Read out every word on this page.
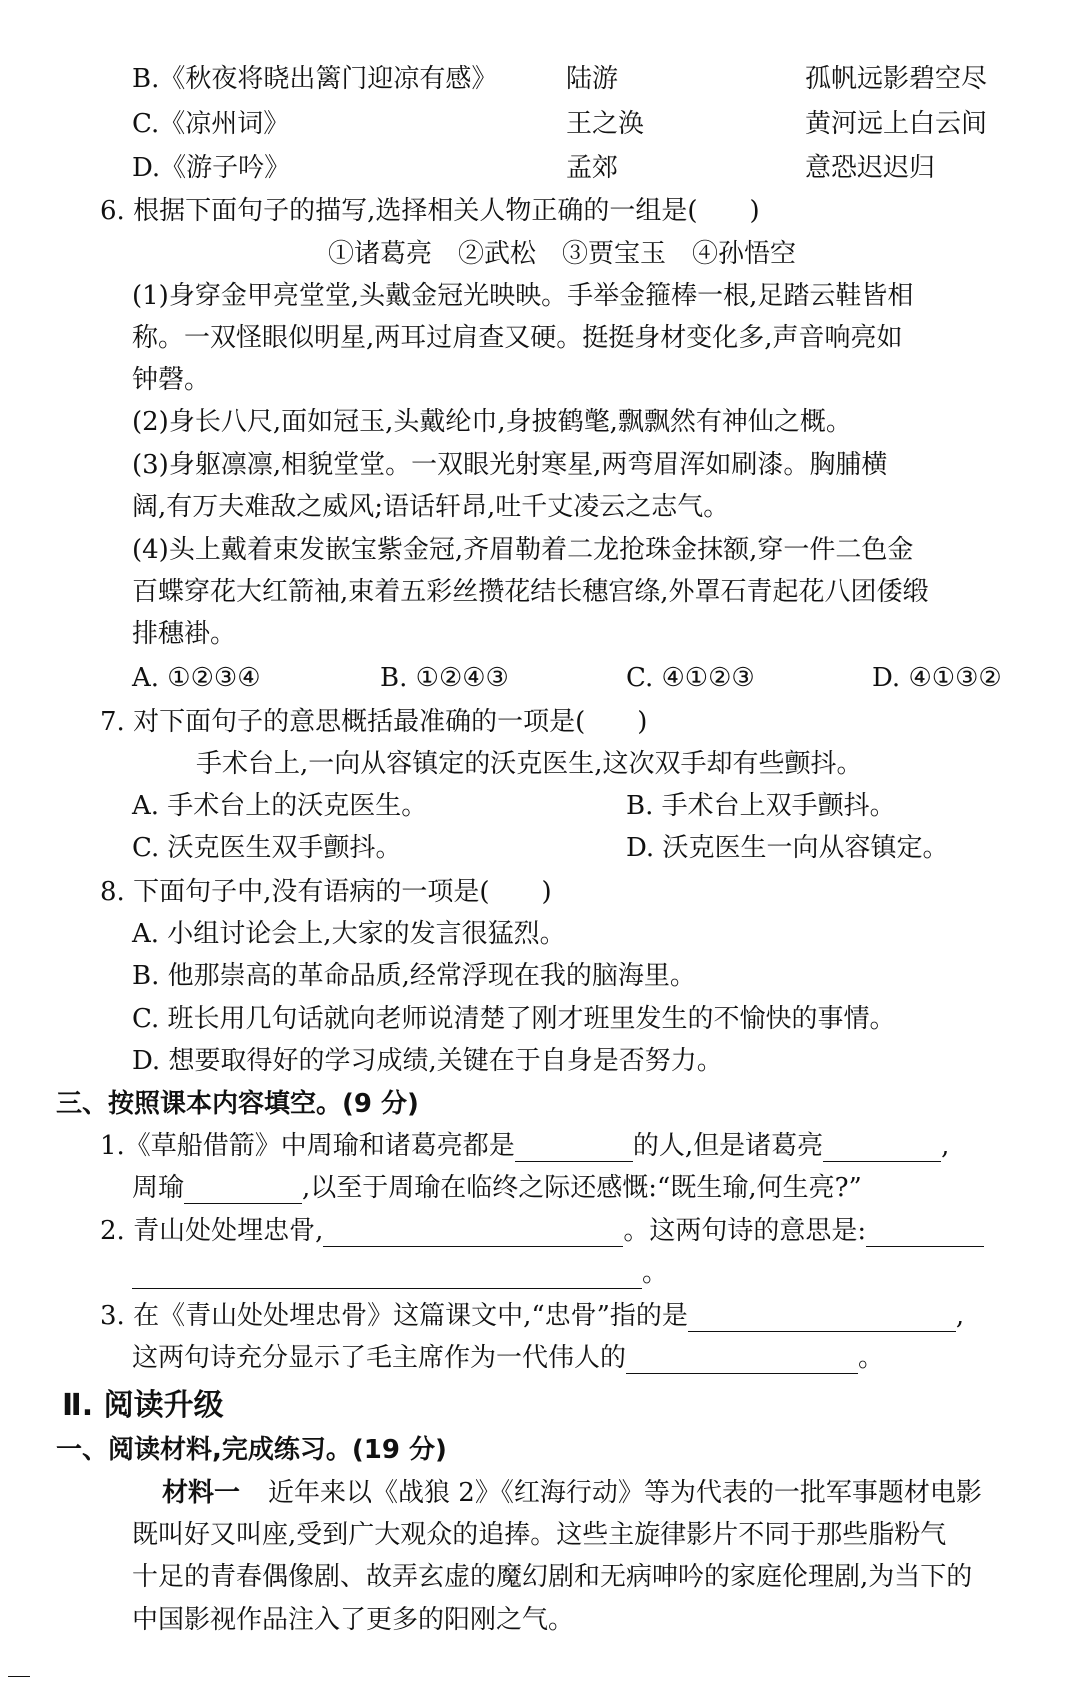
B.《秋夜将晓出篱门迎凉有感》	陆游	孤帆远影碧空尽
C.《凉州词》	王之涣	黄河远上白云间
D.《游子吟》	孟郊	意恐迟迟归
6. 根据下面句子的描写,选择相关人物正确的一组是(　　)
①诸葛亮　②武松　③贾宝玉　④孙悟空
(1)身穿金甲亮堂堂,头戴金冠光映映。手举金箍棒一根,足踏云鞋皆相
称。一双怪眼似明星,两耳过肩查又硬。挺挺身材变化多,声音响亮如
钟磬。
(2)身长八尺,面如冠玉,头戴纶巾,身披鹤氅,飘飘然有神仙之概。
(3)身躯凛凛,相貌堂堂。一双眼光射寒星,两弯眉浑如刷漆。胸脯横
阔,有万夫难敌之威风;语话轩昂,吐千丈凌云之志气。
(4)头上戴着束发嵌宝紫金冠,齐眉勒着二龙抢珠金抹额,穿一件二色金
百蝶穿花大红箭袖,束着五彩丝攒花结长穗宫绦,外罩石青起花八团倭缎
排穗褂。
A. ①②③④	B. ①②④③	C. ④①②③	D. ④①③②
7. 对下面句子的意思概括最准确的一项是(　　)
手术台上,一向从容镇定的沃克医生,这次双手却有些颤抖。
A. 手术台上的沃克医生。	B. 手术台上双手颤抖。
C. 沃克医生双手颤抖。	D. 沃克医生一向从容镇定。
8. 下面句子中,没有语病的一项是(　　)
A. 小组讨论会上,大家的发言很猛烈。
B. 他那崇高的革命品质,经常浮现在我的脑海里。
C. 班长用几句话就向老师说清楚了刚才班里发生的不愉快的事情。
D. 想要取得好的学习成绩,关键在于自身是否努力。
三、按照课本内容填空。(9 分)
1.《草船借箭》中周瑜和诸葛亮都是	的人,但是诸葛亮	,
周瑜	,以至于周瑜在临终之际还感慨:“既生瑜,何生亮?”
2. 青山处处埋忠骨,	。这两句诗的意思是:
。
3. 在《青山处处埋忠骨》这篇课文中,“忠骨”指的是	,
这两句诗充分显示了毛主席作为一代伟人的	。
Ⅱ. 阅读升级
一、阅读材料,完成练习。(19 分)
材料一 近年来以《战狼 2》《红海行动》等为代表的一批军事题材电影
既叫好又叫座,受到广大观众的追捧。这些主旋律影片不同于那些脂粉气
十足的青春偶像剧、故弄玄虚的魔幻剧和无病呻吟的家庭伦理剧,为当下的
中国影视作品注入了更多的阳刚之气。
